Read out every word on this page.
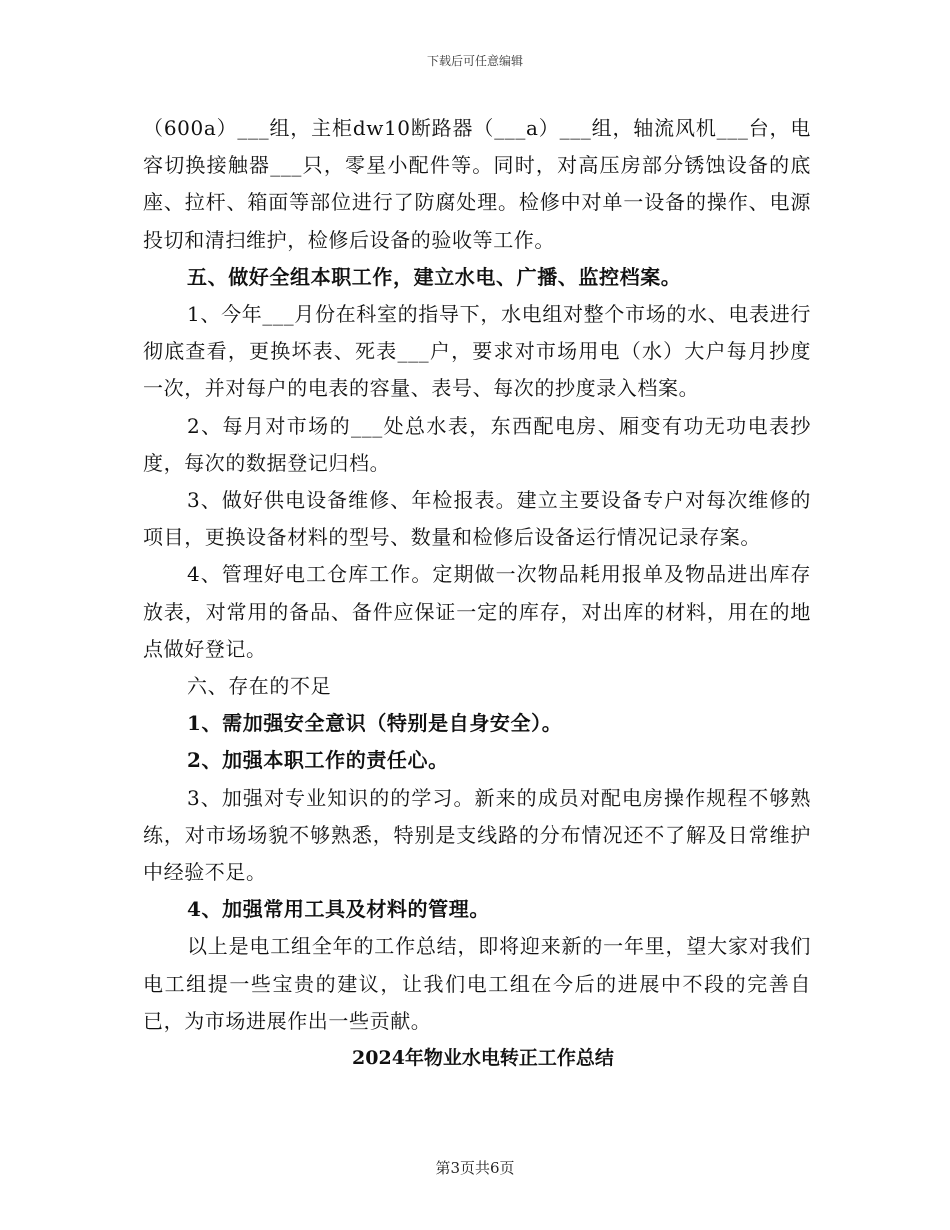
下载后可任意编辑

（600a）___组，主柜dw10断路器（___a）___组，轴流风机___台，电容切换接触器___只，零星小配件等。同时，对高压房部分锈蚀设备的底座、拉杆、箱面等部位进行了防腐处理。检修中对单一设备的操作、电源投切和清扫维护，检修后设备的验收等工作。

五、做好全组本职工作，建立水电、广播、监控档案。

1、今年___月份在科室的指导下，水电组对整个市场的水、电表进行彻底查看，更换坏表、死表___户，要求对市场用电（水）大户每月抄度一次，并对每户的电表的容量、表号、每次的抄度录入档案。

2、每月对市场的___处总水表，东西配电房、厢变有功无功电表抄度，每次的数据登记归档。

3、做好供电设备维修、年检报表。建立主要设备专户对每次维修的项目，更换设备材料的型号、数量和检修后设备运行情况记录存案。

4、管理好电工仓库工作。定期做一次物品耗用报单及物品进出库存放表，对常用的备品、备件应保证一定的库存，对出库的材料，用在的地点做好登记。

六、存在的不足

1、需加强安全意识（特别是自身安全）。

2、加强本职工作的责任心。

3、加强对专业知识的的学习。新来的成员对配电房操作规程不够熟练，对市场场貌不够熟悉，特别是支线路的分布情况还不了解及日常维护中经验不足。

4、加强常用工具及材料的管理。

以上是电工组全年的工作总结，即将迎来新的一年里，望大家对我们电工组提一些宝贵的建议，让我们电工组在今后的进展中不段的完善自已，为市场进展作出一些贡献。

2024年物业水电转正工作总结

第3页共6页
